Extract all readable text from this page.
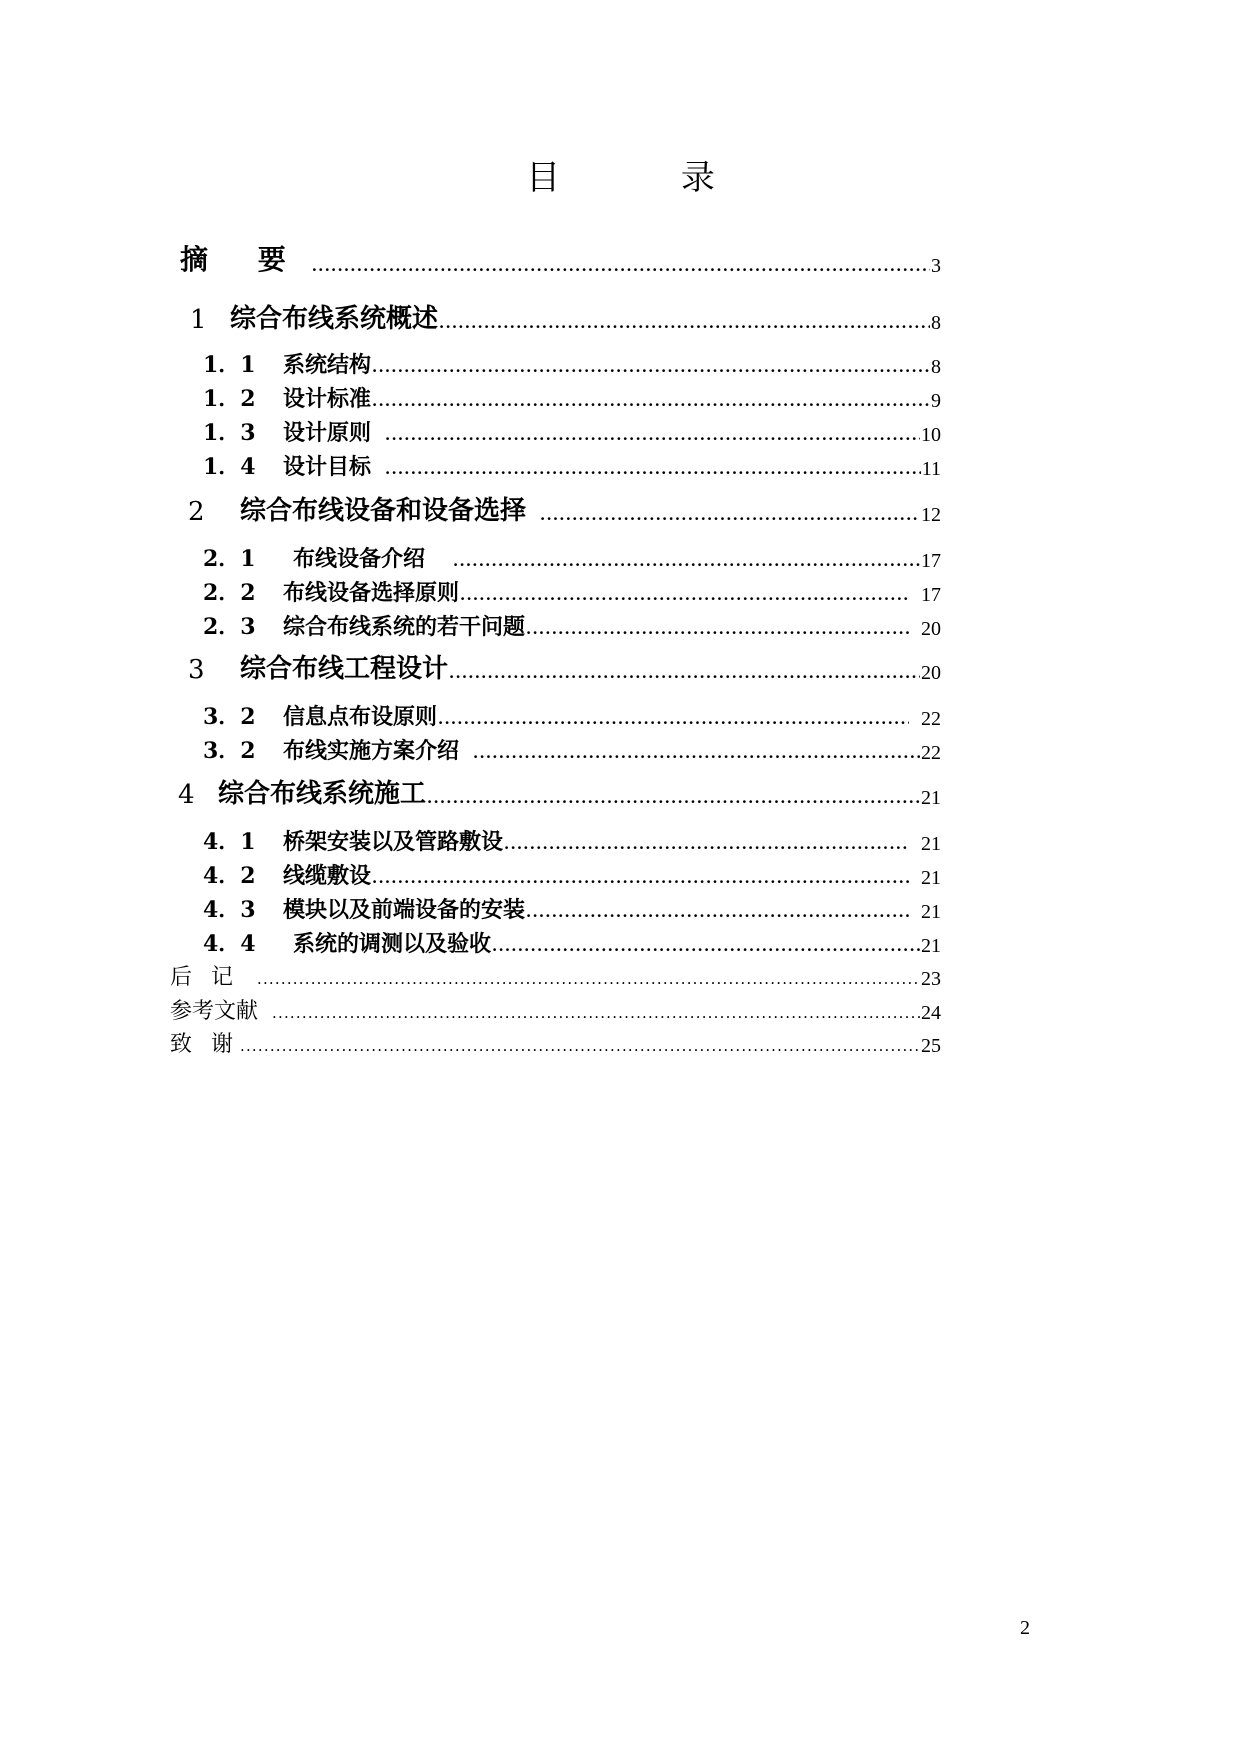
目 录
摘 要 ·····	3
1 综合布线系统概述 ·····	8
1．1	系统结构 ·····	8
1．2	设计标准 ·····	9
1．3	设计原则 ·····	10
1．4	设计目标 ·····	11
2	综合布线设备和设备选择 ·····	12
2．1	布线设备介绍 ·····	17
2．2	布线设备选择原则 ·····	17
2．3	综合布线系统的若干问题 ·····	20
3	综合布线工程设计 ·····	20
3．2	信息点布设原则 ·····	22
3．2	布线实施方案介绍 ·····	22
4 综合布线系统施工 ·····	21
4．1	桥架安装以及管路敷设 ·····	21
4．2	线缆敷设 ·····	21
4．3	模块以及前端设备的安装 ·····	21
4．4	系统的调测以及验收 ·····	21
后 记 ·····	23
参考文献 ·····	24
致 谢 ·····	25
2
